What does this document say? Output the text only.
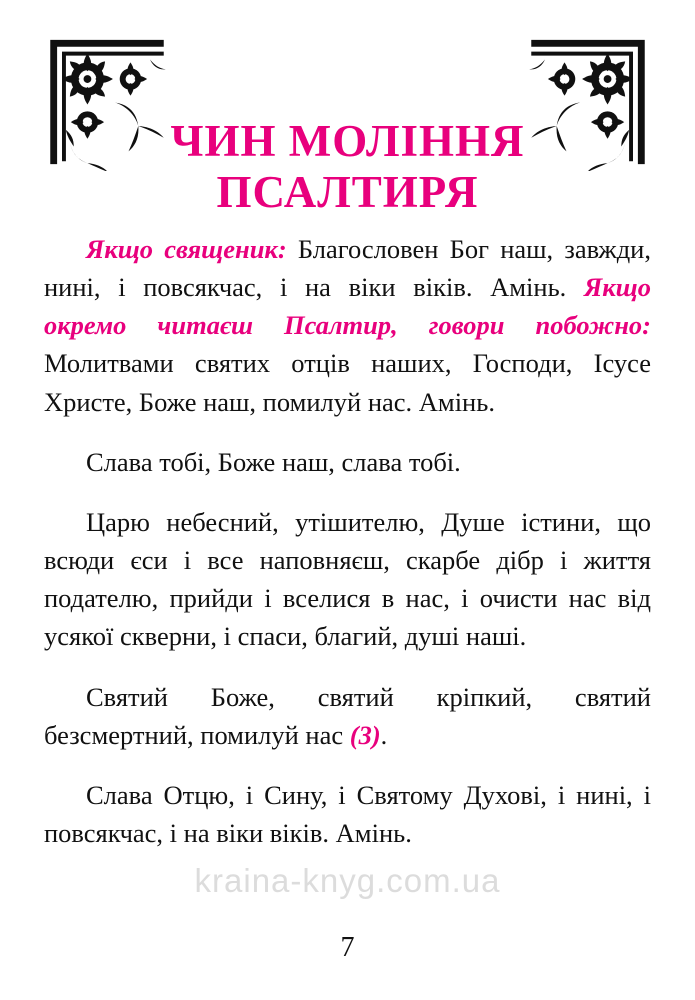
ЧИН МОЛІННЯ
ПСАЛТИРЯ

Якщо священик: Благословен Бог наш, завжди, нині, і повсякчас, і на віки віків. Амінь. Якщо окремо читаєш Псалтир, говори побожно: Молитвами святих отців наших, Господи, Ісусе Христе, Боже наш, помилуй нас. Амінь.

Слава тобі, Боже наш, слава тобі.

Царю небесний, утішителю, Душе істини, що всюди єси і все наповняєш, скарбе дібр і життя подателю, прийди і вселися в нас, і очисти нас від усякої скверни, і спаси, благий, душі наші.

Святий Боже, святий кріпкий, святий безсмертний, помилуй нас (3).

Слава Отцю, і Сину, і Святому Духові, і нині, і повсякчас, і на віки віків. Амінь.

kraina-knyg.com.ua
7
